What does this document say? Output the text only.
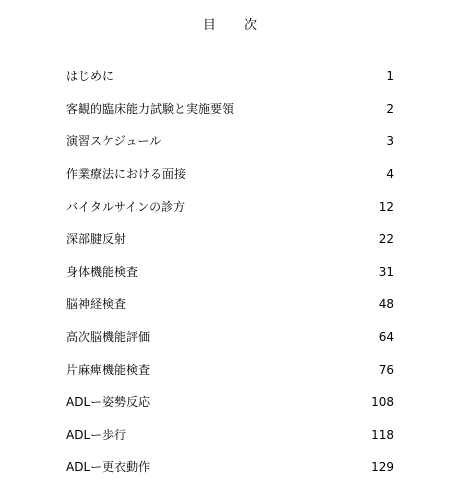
目 次
はじめに	1
客観的臨床能力試験と実施要領	2
演習スケジュール	3
作業療法における面接	4
バイタルサインの診方	12
深部腱反射	22
身体機能検査	31
脳神経検査	48
高次脳機能評価	64
片麻痺機能検査	76
ADLー姿勢反応	108
ADLー歩行	118
ADLー更衣動作	129
